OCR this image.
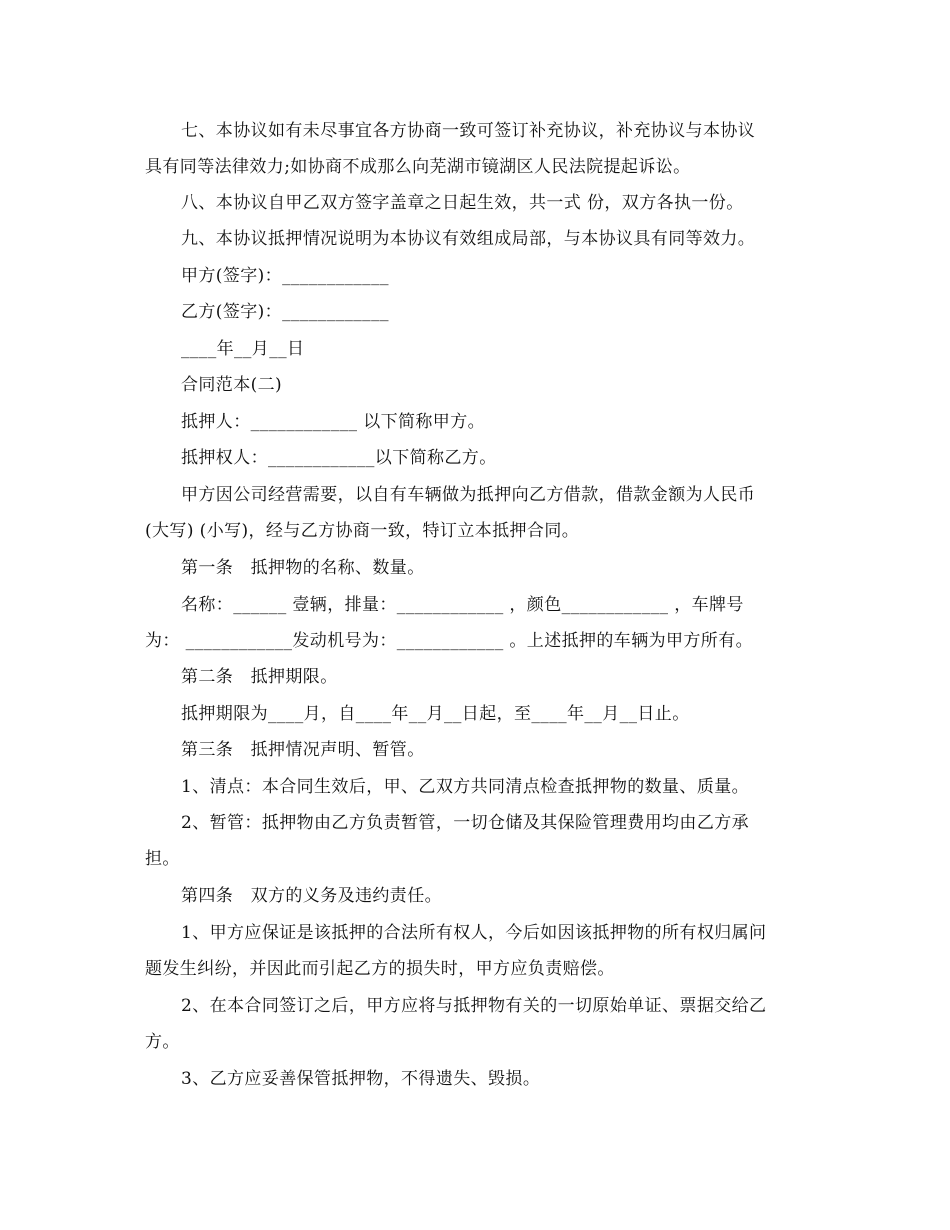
七、本协议如有未尽事宜各方协商一致可签订补充协议，补充协议与本协议
具有同等法律效力;如协商不成那么向芜湖市镜湖区人民法院提起诉讼。
八、本协议自甲乙双方签字盖章之日起生效，共一式 份，双方各执一份。
九、本协议抵押情况说明为本协议有效组成局部，与本协议具有同等效力。
甲方(签字)：____________
乙方(签字)：____________
____年__月__日
合同范本(二)
抵押人：____________ 以下简称甲方。
抵押权人：____________以下简称乙方。
甲方因公司经营需要，以自有车辆做为抵押向乙方借款，借款金额为人民币
(大写) (小写)，经与乙方协商一致，特订立本抵押合同。
第一条　抵押物的名称、数量。
名称：______ 壹辆，排量：____________ ，颜色____________ ，车牌号
为： ____________发动机号为：____________ 。上述抵押的车辆为甲方所有。
第二条　抵押期限。
抵押期限为____月，自____年__月__日起，至____年__月__日止。
第三条　抵押情况声明、暂管。
1、清点：本合同生效后，甲、乙双方共同清点检查抵押物的数量、质量。
2、暂管：抵押物由乙方负责暂管，一切仓储及其保险管理费用均由乙方承
担。
第四条　双方的义务及违约责任。
1、甲方应保证是该抵押的合法所有权人，今后如因该抵押物的所有权归属问
题发生纠纷，并因此而引起乙方的损失时，甲方应负责赔偿。
2、在本合同签订之后，甲方应将与抵押物有关的一切原始单证、票据交给乙
方。
3、乙方应妥善保管抵押物，不得遗失、毁损。
